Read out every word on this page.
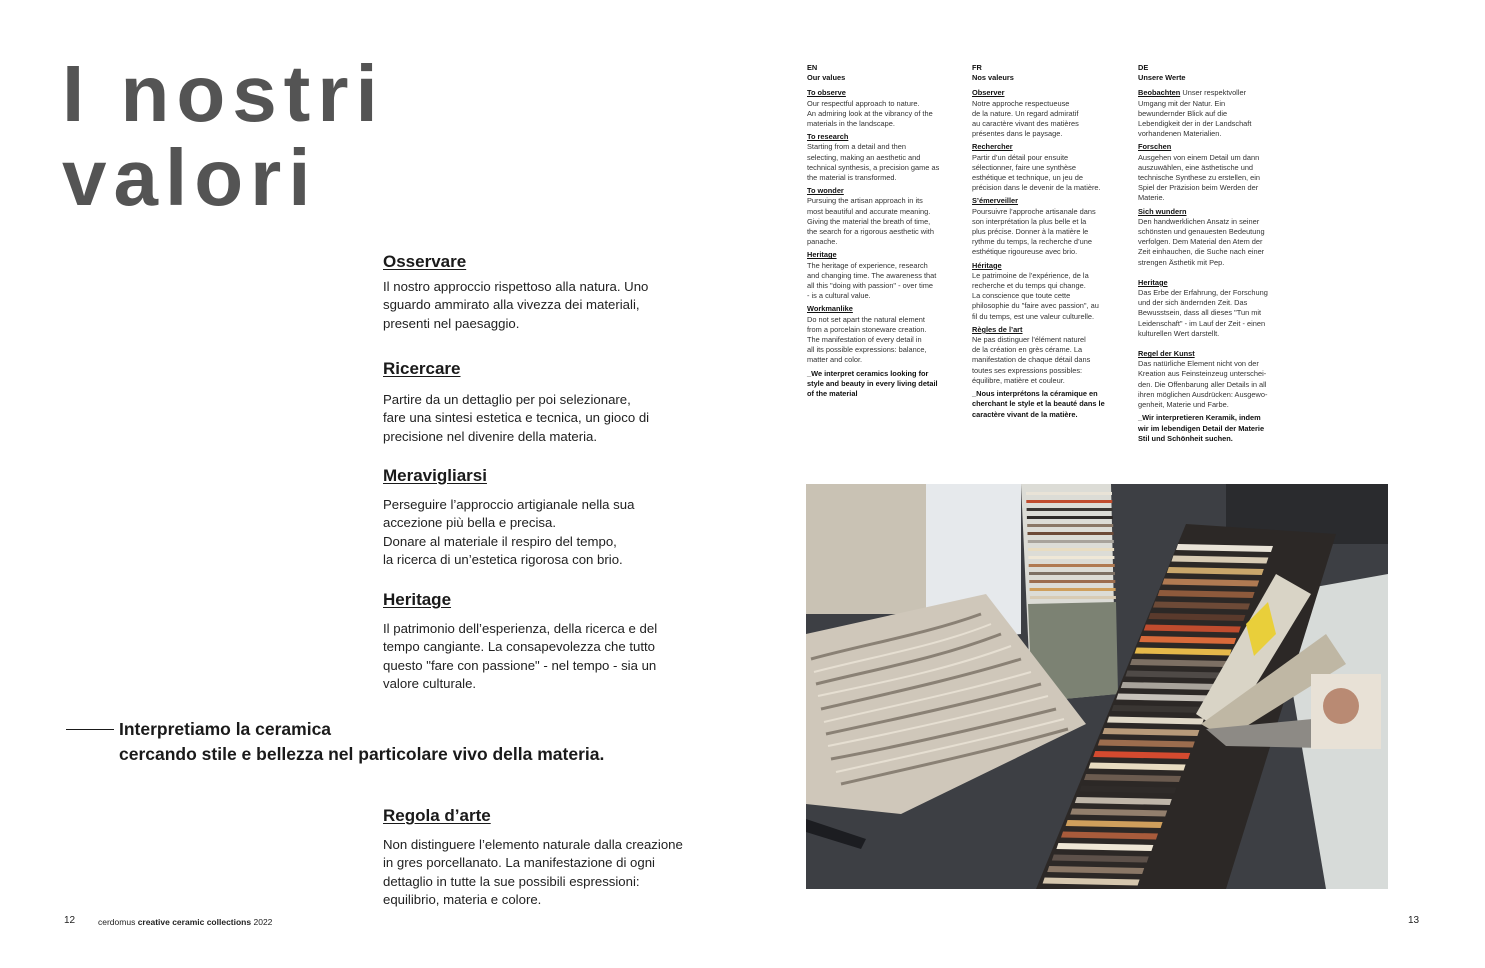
I nostri
valori
Osservare

Il nostro approccio rispettoso alla natura. Uno
sguardo ammirato alla vivezza dei materiali,
presenti nel paesaggio.

Ricercare

Partire da un dettaglio per poi selezionare,
fare una sintesi estetica e tecnica, un gioco di
precisione nel divenire della materia.

Meravigliarsi

Perseguire l’approccio artigianale nella sua
accezione più bella e precisa.
Donare al materiale il respiro del tempo,
la ricerca di un’estetica rigorosa con brio.

Heritage

Il patrimonio dell’esperienza, della ricerca e del
tempo cangiante. La consapevolezza che tutto
questo "fare con passione" - nel tempo - sia un
valore culturale.

Interpretiamo la ceramica
cercando stile e bellezza nel particolare vivo della materia.

Regola d’arte

Non distinguere l’elemento naturale dalla creazione
in gres porcellanato. La manifestazione di ogni
dettaglio in tutte la sue possibili espressioni:
equilibrio, materia e colore.

EN
Our values
To observe
Our respectful approach to nature.
An admiring look at the vibrancy of the
materials in the landscape.
To research
Starting from a detail and then
selecting, making an aesthetic and
technical synthesis, a precision game as
the material is transformed.
To wonder
Pursuing the artisan approach in its
most beautiful and accurate meaning.
Giving the material the breath of time,
the search for a rigorous aesthetic with
panache.
Heritage
The heritage of experience, research
and changing time. The awareness that
all this "doing with passion" - over time
- is a cultural value.
Workmanlike
Do not set apart the natural element
from a porcelain stoneware creation.
The manifestation of every detail in
all its possible expressions: balance,
matter and color.
_We interpret ceramics looking for
style and beauty in every living detail
of the material
FR
Nos valeurs
Observer
Notre approche respectueuse
de la nature. Un regard admiratif
au caractère vivant des matières
présentes dans le paysage.
Rechercher
Partir d’un détail pour ensuite
sélectionner, faire une synthèse
esthétique et technique, un jeu de
précision dans le devenir de la matière.
S’émerveiller
Poursuivre l’approche artisanale dans
son interprétation la plus belle et la
plus précise. Donner à la matière le
rythme du temps, la recherche d’une
esthétique rigoureuse avec brio.
Héritage
Le patrimoine de l’expérience, de la
recherche et du temps qui change.
La conscience que toute cette
philosophie du "faire avec passion", au
fil du temps, est une valeur culturelle.
Règles de l’art
Ne pas distinguer l’élément naturel
de la création en grès cérame. La
manifestation de chaque détail dans
toutes ses expressions possibles:
équilibre, matière et couleur.
_Nous interprétons la céramique en
cherchant le style et la beauté dans le
caractère vivant de la matière.
DE
Unsere Werte
Beobachten Unser respektvoller
Umgang mit der Natur. Ein
bewundernder Blick auf die
Lebendigkeit der in der Landschaft
vorhandenen Materialien.
Forschen
Ausgehen von einem Detail um dann
auszuwählen, eine ästhetische und
technische Synthese zu erstellen, ein
Spiel der Präzision beim Werden der
Materie.
Sich wundern
Den handwerklichen Ansatz in seiner
schönsten und genauesten Bedeutung
verfolgen. Dem Material den Atem der
Zeit einhauchen, die Suche nach einer
strengen Ästhetik mit Pep.
Heritage
Das Erbe der Erfahrung, der Forschung
und der sich ändernden Zeit. Das
Bewusstsein, dass all dieses "Tun mit
Leidenschaft" - im Lauf der Zeit - einen
kulturellen Wert darstellt.
Regel der Kunst
Das natürliche Element nicht von der
Kreation aus Feinsteinzeug unterschei-
den. Die Offenbarung aller Details in all
ihren möglichen Ausdrücken: Ausgewo-
genheit, Materie und Farbe.
_Wir interpretieren Keramik, indem
wir im lebendigen Detail der Materie
Stil und Schönheit suchen.
12	cerdomus creative ceramic collections 2022	13
